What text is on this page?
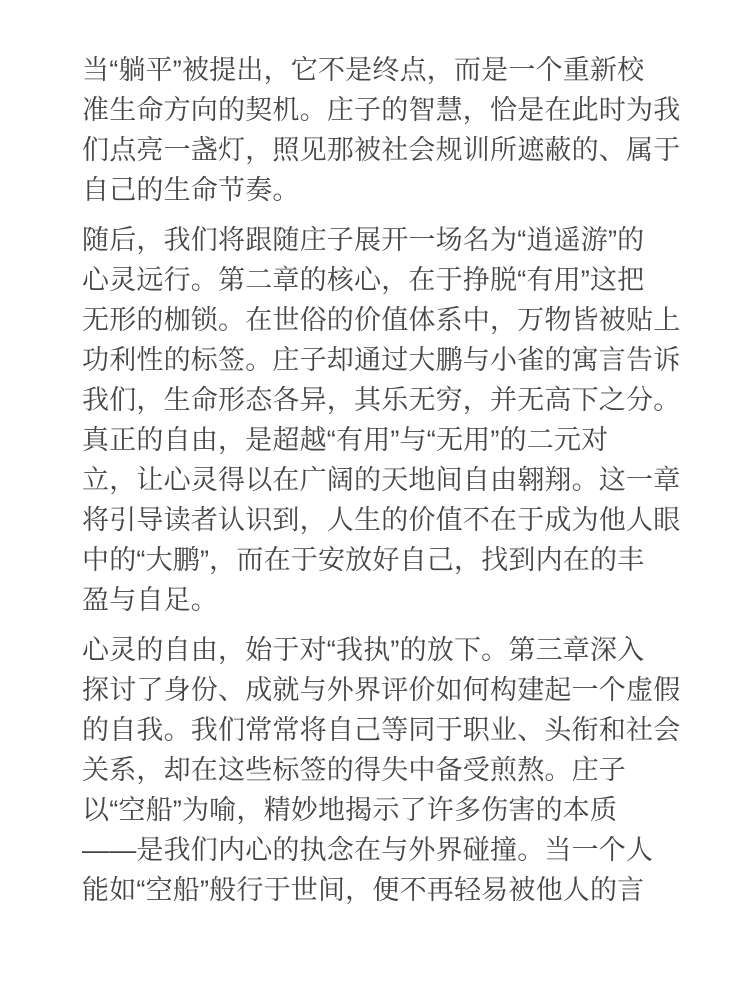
当“躺平”被提出，它不是终点，而是一个重新校
准生命方向的契机。庄子的智慧，恰是在此时为我
们点亮一盏灯，照见那被社会规训所遮蔽的、属于
自己的生命节奏。
随后，我们将跟随庄子展开一场名为“逍遥游”的
心灵远行。第二章的核心，在于挣脱“有用”这把
无形的枷锁。在世俗的价值体系中，万物皆被贴上
功利性的标签。庄子却通过大鹏与小雀的寓言告诉
我们，生命形态各异，其乐无穷，并无高下之分。
真正的自由，是超越“有用”与“无用”的二元对
立，让心灵得以在广阔的天地间自由翱翔。这一章
将引导读者认识到，人生的价值不在于成为他人眼
中的“大鹏”，而在于安放好自己，找到内在的丰
盈与自足。
心灵的自由，始于对“我执”的放下。第三章深入
探讨了身份、成就与外界评价如何构建起一个虚假
的自我。我们常常将自己等同于职业、头衔和社会
关系，却在这些标签的得失中备受煎熬。庄子
以“空船”为喻，精妙地揭示了许多伤害的本质
——是我们内心的执念在与外界碰撞。当一个人
能如“空船”般行于世间，便不再轻易被他人的言
